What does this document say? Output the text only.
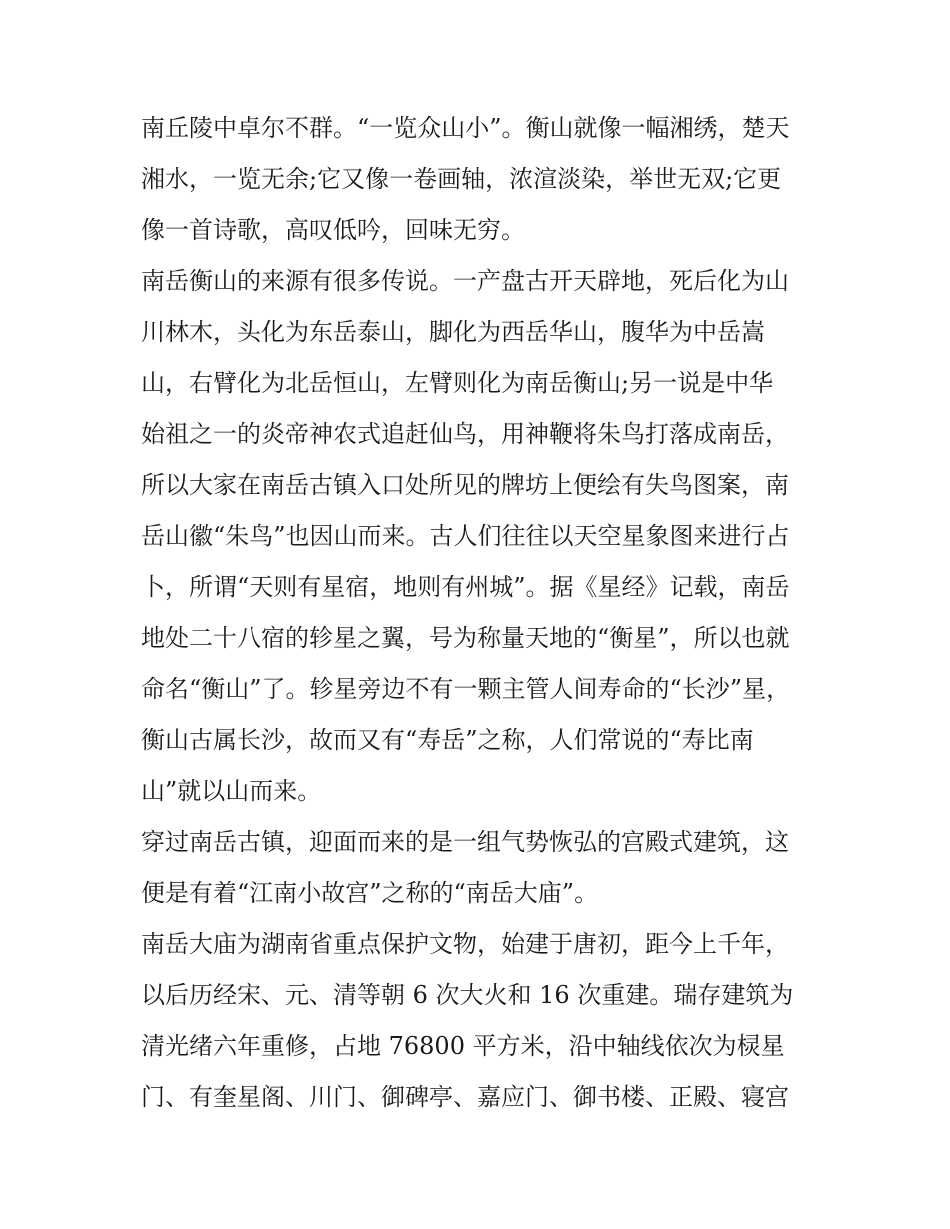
南丘陵中卓尔不群。“一览众山小”。衡山就像一幅湘绣，楚天
湘水，一览无余;它又像一卷画轴，浓渲淡染，举世无双;它更
像一首诗歌，高叹低吟，回味无穷。
南岳衡山的来源有很多传说。一产盘古开天辟地，死后化为山
川林木，头化为东岳泰山，脚化为西岳华山，腹华为中岳嵩
山，右臂化为北岳恒山，左臂则化为南岳衡山;另一说是中华
始祖之一的炎帝神农式追赶仙鸟，用神鞭将朱鸟打落成南岳，
所以大家在南岳古镇入口处所见的牌坊上便绘有失鸟图案，南
岳山徽“朱鸟”也因山而来。古人们往往以天空星象图来进行占
卜，所谓“天则有星宿，地则有州城”。据《星经》记载，南岳
地处二十八宿的轸星之翼，号为称量天地的“衡星”，所以也就
命名“衡山”了。轸星旁边不有一颗主管人间寿命的“长沙”星，
衡山古属长沙，故而又有“寿岳”之称，人们常说的“寿比南
山”就以山而来。
穿过南岳古镇，迎面而来的是一组气势恢弘的宫殿式建筑，这
便是有着“江南小故宫”之称的“南岳大庙”。
南岳大庙为湖南省重点保护文物，始建于唐初，距今上千年，
以后历经宋、元、清等朝 6 次大火和 16 次重建。瑞存建筑为
清光绪六年重修，占地 76800 平方米，沿中轴线依次为棂星
门、有奎星阁、川门、御碑亭、嘉应门、御书楼、正殿、寝宫
